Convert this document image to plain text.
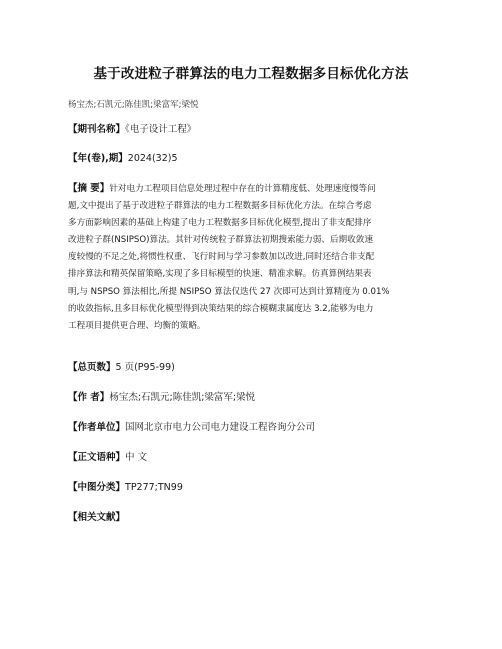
基于改进粒子群算法的电力工程数据多目标优化方法
杨宝杰;石凯元;陈佳凯;梁富军;梁悦
【期刊名称】《电子设计工程》
【年(卷),期】2024(32)5
【摘 要】针对电力工程项目信息处理过程中存在的计算精度低、处理速度慢等问
题,文中提出了基于改进粒子群算法的电力工程数据多目标优化方法。在综合考虑
多方面影响因素的基础上构建了电力工程数据多目标优化模型,提出了非支配排序
改进粒子群(NSIPSO)算法。其针对传统粒子群算法初期搜索能力弱、后期收敛速
度较慢的不足之处,将惯性权重、飞行时间与学习参数加以改进,同时还结合非支配
排序算法和精英保留策略,实现了多目标模型的快速、精准求解。仿真算例结果表
明,与 NSPSO 算法相比,所提 NSIPSO 算法仅迭代 27 次即可达到计算精度为 0.01%
的收敛指标,且多目标优化模型得到决策结果的综合模糊隶属度达 3.2,能够为电力
工程项目提供更合理、均衡的策略。
【总页数】5 页(P95-99)
【作 者】杨宝杰;石凯元;陈佳凯;梁富军;梁悦
【作者单位】国网北京市电力公司电力建设工程咨询分公司
【正文语种】中 文
【中图分类】TP277;TN99
【相关文献】
